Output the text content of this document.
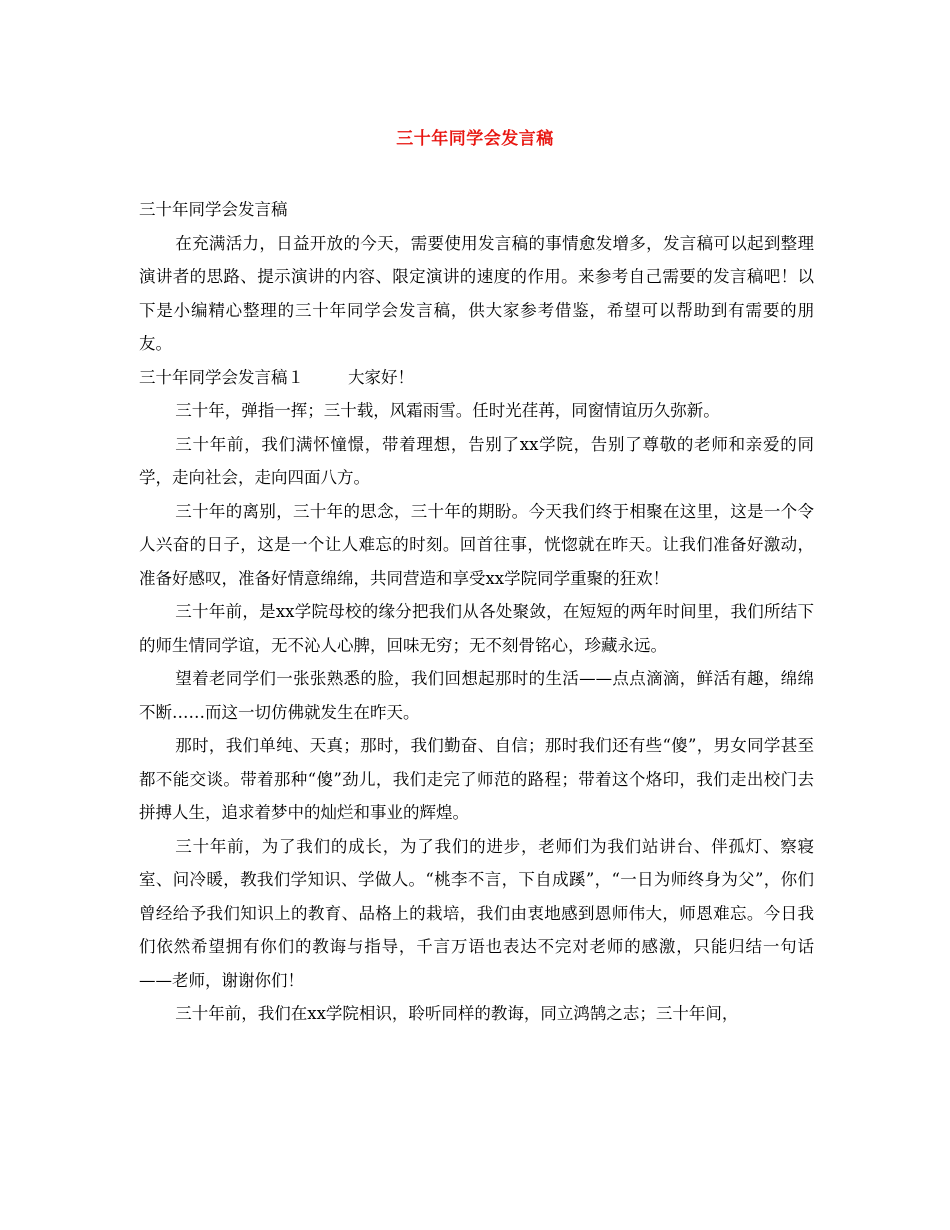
三十年同学会发言稿

三十年同学会发言稿

在充满活力，日益开放的今天，需要使用发言稿的事情愈发增多，发言稿可以起到整理演讲者的思路、提示演讲的内容、限定演讲的速度的作用。来参考自己需要的发言稿吧！以下是小编精心整理的三十年同学会发言稿，供大家参考借鉴，希望可以帮助到有需要的朋友。

三十年同学会发言稿１	大家好！

三十年，弹指一挥；三十载，风霜雨雪。任时光荏苒，同窗情谊历久弥新。

三十年前，我们满怀憧憬，带着理想，告别了xx学院，告别了尊敬的老师和亲爱的同学，走向社会，走向四面八方。

三十年的离别，三十年的思念，三十年的期盼。今天我们终于相聚在这里，这是一个令人兴奋的日子，这是一个让人难忘的时刻。回首往事，恍惚就在昨天。让我们准备好激动，准备好感叹，准备好情意绵绵，共同营造和享受xx学院同学重聚的狂欢！

三十年前，是xx学院母校的缘分把我们从各处聚敛，在短短的两年时间里，我们所结下的师生情同学谊，无不沁人心脾，回味无穷；无不刻骨铭心，珍藏永远。

望着老同学们一张张熟悉的脸，我们回想起那时的生活——点点滴滴，鲜活有趣，绵绵不断……而这一切仿佛就发生在昨天。

那时，我们单纯、天真；那时，我们勤奋、自信；那时我们还有些“傻”，男女同学甚至都不能交谈。带着那种“傻”劲儿，我们走完了师范的路程；带着这个烙印，我们走出校门去拼搏人生，追求着梦中的灿烂和事业的辉煌。

三十年前，为了我们的成长，为了我们的进步，老师们为我们站讲台、伴孤灯、察寝室、问冷暖，教我们学知识、学做人。“桃李不言，下自成蹊”，“一日为师终身为父”，你们曾经给予我们知识上的教育、品格上的栽培，我们由衷地感到恩师伟大，师恩难忘。今日我们依然希望拥有你们的教诲与指导，千言万语也表达不完对老师的感激，只能归结一句话——老师，谢谢你们！

三十年前，我们在xx学院相识，聆听同样的教诲，同立鸿鹄之志；三十年间，
